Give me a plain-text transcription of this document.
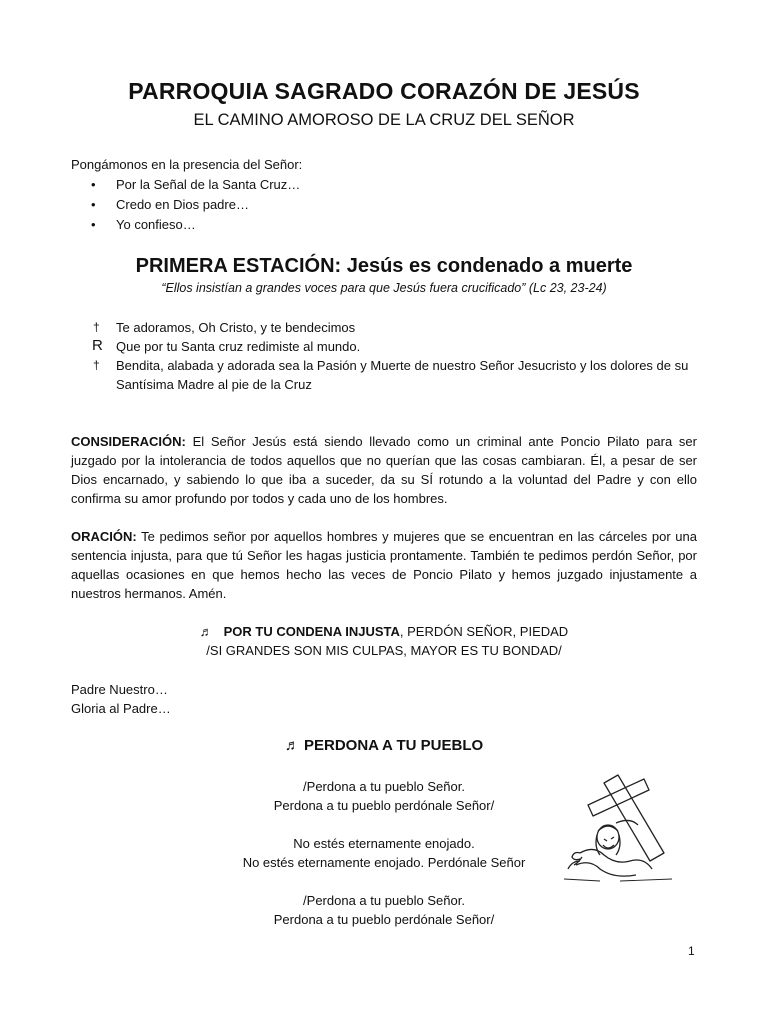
PARROQUIA SAGRADO CORAZÓN DE JESÚS
EL CAMINO AMOROSO DE LA CRUZ DEL SEÑOR
Pongámonos en la presencia del Señor:
• Por la Señal de la Santa Cruz…
• Credo en Dios padre…
• Yo confieso…
PRIMERA ESTACIÓN: Jesús es condenado a muerte
“Ellos insistían a grandes voces para que Jesús fuera crucificado” (Lc 23, 23-24)
† Te adoramos, Oh Cristo, y te bendecimos
R Que por tu Santa cruz redimiste al mundo.
† Bendita, alabada y adorada sea la Pasión y Muerte de nuestro Señor Jesucristo y los dolores de su Santísima Madre al pie de la Cruz
CONSIDERACIÓN: El Señor Jesús está siendo llevado como un criminal ante Poncio Pilato para ser juzgado por la intolerancia de todos aquellos que no querían que las cosas cambiaran. Él, a pesar de ser Dios encarnado, y sabiendo lo que iba a suceder, da su SÍ rotundo a la voluntad del Padre y con ello confirma su amor profundo por todos y cada uno de los hombres.
ORACIÓN: Te pedimos señor por aquellos hombres y mujeres que se encuentran en las cárceles por una sentencia injusta, para que tú Señor les hagas justicia prontamente. También te pedimos perdón Señor, por aquellas ocasiones en que hemos hecho las veces de Poncio Pilato y hemos juzgado injustamente a nuestros hermanos. Amén.
♬ POR TU CONDENA INJUSTA, PERDÓN SEÑOR, PIEDAD
/SI GRANDES SON MIS CULPAS, MAYOR ES TU BONDAD/
Padre Nuestro…
Gloria al Padre…
♬ PERDONA A TU PUEBLO
/Perdona a tu pueblo Señor.
Perdona a tu pueblo perdónale Señor/
No estés eternamente enojado.
No estés eternamente enojado. Perdónale Señor
/Perdona a tu pueblo Señor.
Perdona a tu pueblo perdónale Señor/
1
